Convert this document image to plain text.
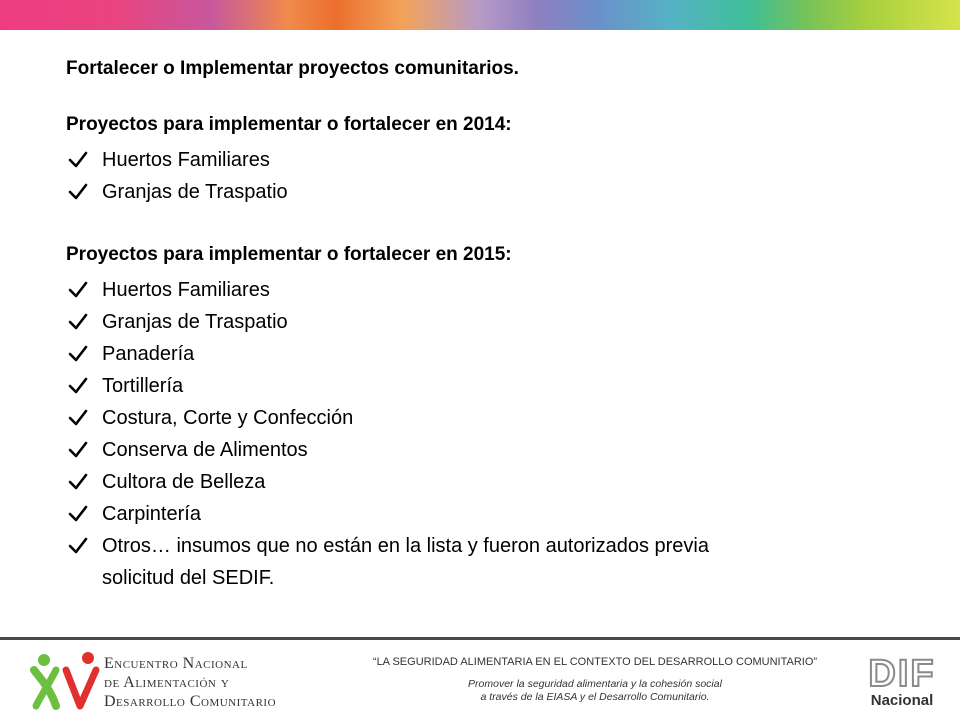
Fortalecer o Implementar proyectos comunitarios.

Proyectos para implementar o fortalecer en 2014:

Huertos Familiares
Granjas de Traspatio

Proyectos para implementar o fortalecer en 2015:

Huertos Familiares
Granjas de Traspatio
Panadería
Tortillería
Costura, Corte y Confección
Conserva de Alimentos
Cultora de Belleza
Carpintería
Otros… insumos que no están en la lista y fueron autorizados previa
solicitud del SEDIF.
Encuentro Nacional
de Alimentación y
Desarrollo Comunitario
“LA SEGURIDAD ALIMENTARIA EN EL CONTEXTO DEL DESARROLLO COMUNITARIO”
Promover la seguridad alimentaria y la cohesión social
a través de la EIASA y el Desarrollo Comunitario.
DIF
Nacional
